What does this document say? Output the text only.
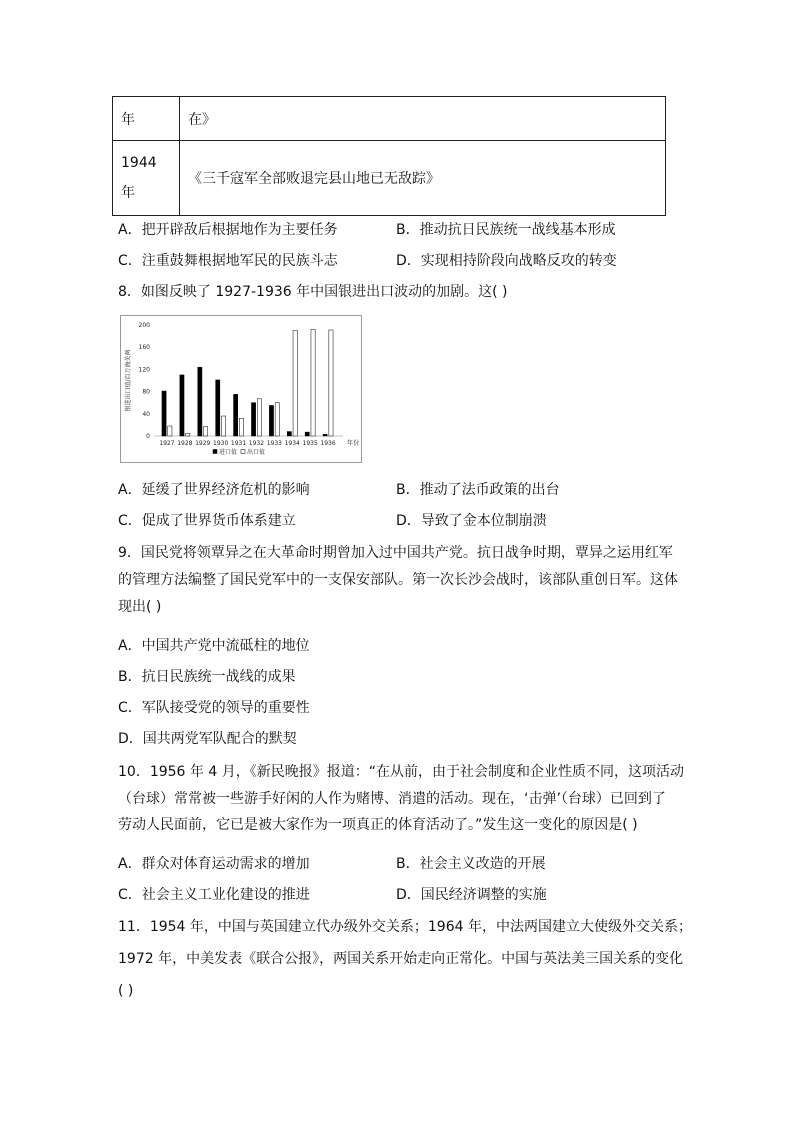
年	在》

1944
年	《三千寇军全部败退完县山地已无敌踪》
A．把开辟敌后根据地作为主要任务	B．推动抗日民族统一战线基本形成
C．注重鼓舞根据地军民的民族斗志	D．实现相持阶段向战略反攻的转变
8．如图反映了 1927-1936 年中国银进出口波动的加剧。这( )
0
40
80
120
160
200
银进出口值/百万海关两
1927 1928 1929 1930 1931 1932 1933 1934 1935 1936 年份
进口值 出口值
A．延缓了世界经济危机的影响	B．推动了法币政策的出台
C．促成了世界货币体系建立	D．导致了金本位制崩溃
9．国民党将领覃异之在大革命时期曾加入过中国共产党。抗日战争时期，覃异之运用红军
的管理方法编整了国民党军中的一支保安部队。第一次长沙会战时，该部队重创日军。这体
现出( )
A．中国共产党中流砥柱的地位
B．抗日民族统一战线的成果
C．军队接受党的领导的重要性
D．国共两党军队配合的默契
10．1956 年 4 月，《新民晚报》报道：“在从前，由于社会制度和企业性质不同，这项活动
（台球）常常被一些游手好闲的人作为赌博、消遣的活动。现在，‘击弹’（台球）已回到了
劳动人民面前，它已是被大家作为一项真正的体育活动了。”发生这一变化的原因是( )
A．群众对体育运动需求的增加	B．社会主义改造的开展
C．社会主义工业化建设的推进	D．国民经济调整的实施
11．1954 年，中国与英国建立代办级外交关系；1964 年，中法两国建立大使级外交关系；
1972 年，中美发表《联合公报》，两国关系开始走向正常化。中国与英法美三国关系的变化
( )
